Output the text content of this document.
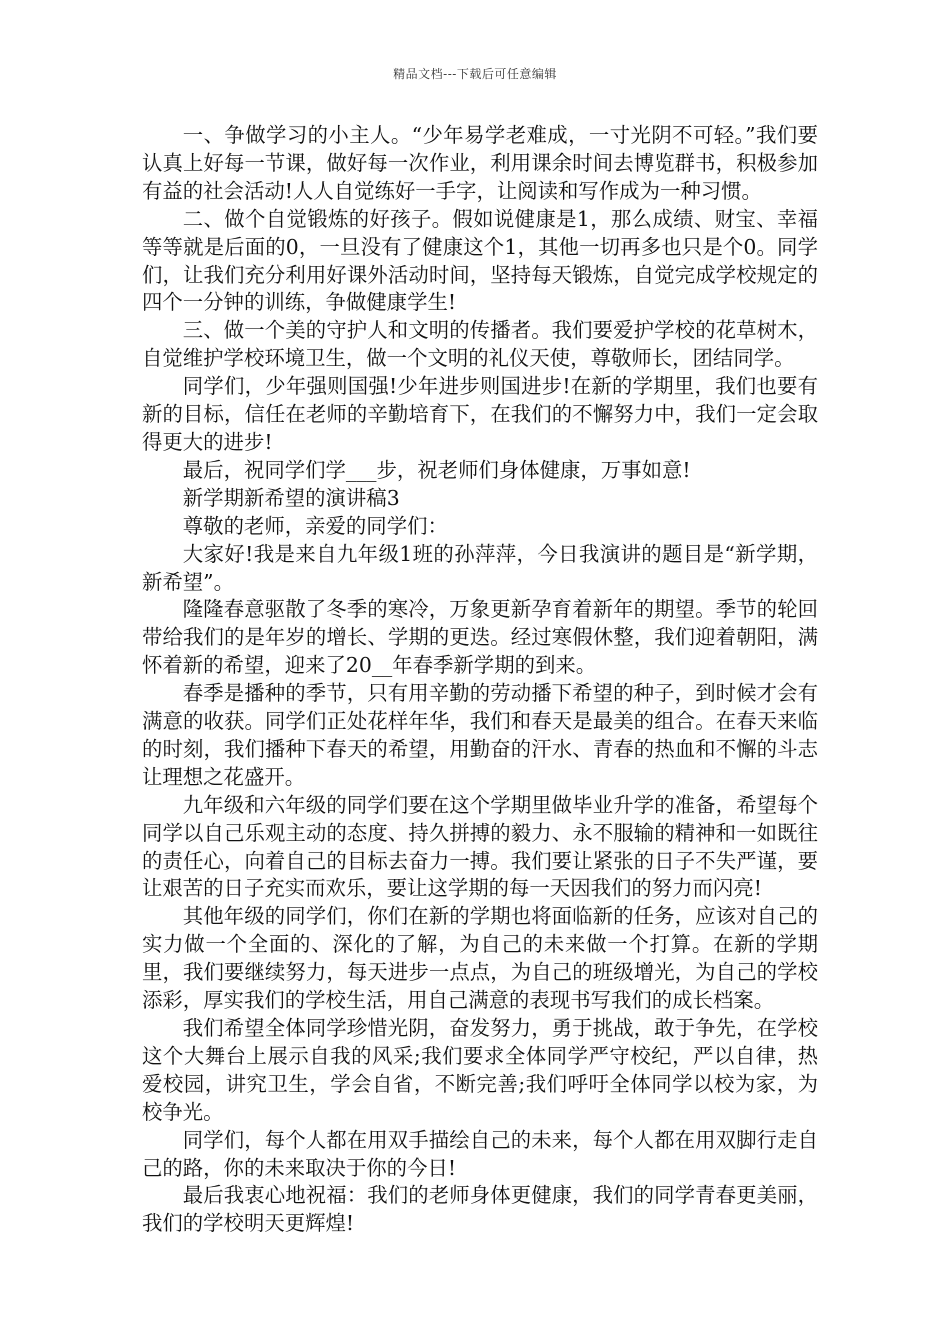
精品文档---下载后可任意编辑

一、争做学习的小主人。“少年易学老难成，一寸光阴不可轻。”我们要认真上好每一节课，做好每一次作业，利用课余时间去博览群书，积极参加有益的社会活动!人人自觉练好一手字，让阅读和写作成为一种习惯。

二、做个自觉锻炼的好孩子。假如说健康是1，那么成绩、财宝、幸福等等就是后面的0，一旦没有了健康这个1，其他一切再多也只是个0。同学们，让我们充分利用好课外活动时间，坚持每天锻炼，自觉完成学校规定的四个一分钟的训练，争做健康学生!

三、做一个美的守护人和文明的传播者。我们要爱护学校的花草树木，自觉维护学校环境卫生，做一个文明的礼仪天使，尊敬师长，团结同学。

同学们，少年强则国强!少年进步则国进步!在新的学期里，我们也要有新的目标，信任在老师的辛勤培育下，在我们的不懈努力中，我们一定会取得更大的进步!

最后，祝同学们学___步，祝老师们身体健康，万事如意!

新学期新希望的演讲稿3

尊敬的老师，亲爱的同学们：

大家好!我是来自九年级1班的孙萍萍，今日我演讲的题目是“新学期，新希望”。

隆隆春意驱散了冬季的寒冷，万象更新孕育着新年的期望。季节的轮回带给我们的是年岁的增长、学期的更迭。经过寒假休整，我们迎着朝阳，满怀着新的希望，迎来了20__年春季新学期的到来。

春季是播种的季节，只有用辛勤的劳动播下希望的种子，到时候才会有满意的收获。同学们正处花样年华，我们和春天是最美的组合。在春天来临的时刻，我们播种下春天的希望，用勤奋的汗水、青春的热血和不懈的斗志让理想之花盛开。

九年级和六年级的同学们要在这个学期里做毕业升学的准备，希望每个同学以自己乐观主动的态度、持久拼搏的毅力、永不服输的精神和一如既往的责任心，向着自己的目标去奋力一搏。我们要让紧张的日子不失严谨，要让艰苦的日子充实而欢乐，要让这学期的每一天因我们的努力而闪亮!

其他年级的同学们，你们在新的学期也将面临新的任务，应该对自己的实力做一个全面的、深化的了解，为自己的未来做一个打算。在新的学期里，我们要继续努力，每天进步一点点，为自己的班级增光，为自己的学校添彩，厚实我们的学校生活，用自己满意的表现书写我们的成长档案。

我们希望全体同学珍惜光阴，奋发努力，勇于挑战，敢于争先，在学校这个大舞台上展示自我的风采;我们要求全体同学严守校纪，严以自律，热爱校园，讲究卫生，学会自省，不断完善;我们呼吁全体同学以校为家，为校争光。

同学们，每个人都在用双手描绘自己的未来，每个人都在用双脚行走自己的路，你的未来取决于你的今日!

最后我衷心地祝福：我们的老师身体更健康，我们的同学青春更美丽，我们的学校明天更辉煌!
